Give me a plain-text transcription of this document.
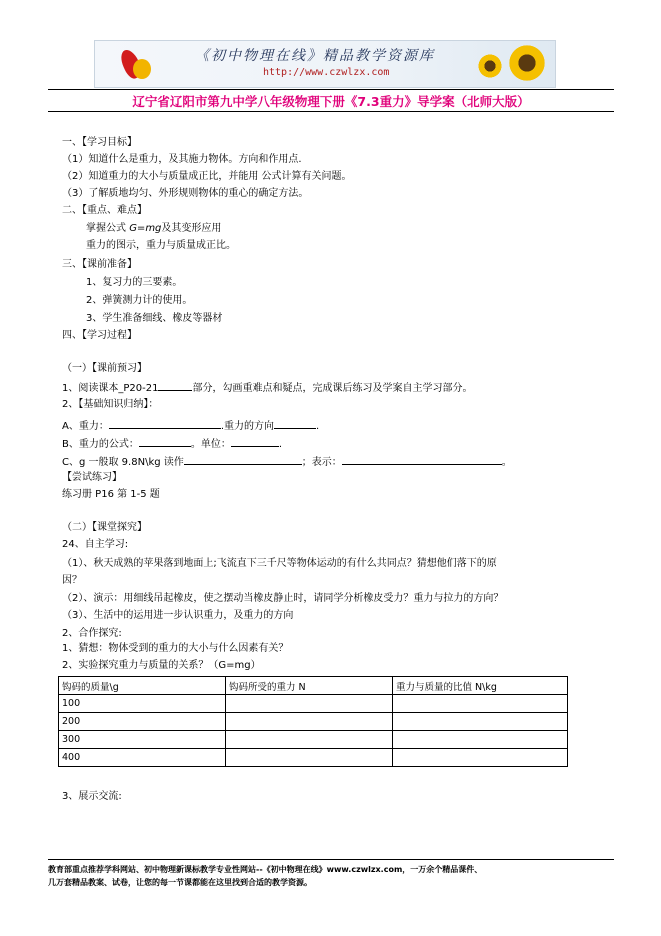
《初中物理在线》精品教学资源库
http://www.czwlzx.com
辽宁省辽阳市第九中学八年级物理下册《7.3重力》导学案（北师大版）
一、【学习目标】
（1）知道什么是重力，及其施力物体。方向和作用点.
（2）知道重力的大小与质量成正比，并能用 公式计算有关问题。
（3）了解质地均匀、外形规则物体的重心的确定方法。
二、【重点、难点】
掌握公式 G=mg及其变形应用
重力的图示，重力与质量成正比。
三、【课前准备】
1、复习力的三要素。
2、弹簧测力计的使用。
3、学生准备细线、橡皮等器材
四、【学习过程】
（一）【课前预习】
1、阅读课本_P20-21	部分，勾画重难点和疑点，完成课后练习及学案自主学习部分。
2、【基础知识归纳】：
A、重力：	.重力的方向	.
B、重力的公式：	。单位：	.
C、g 一般取 9.8N\kg 读作	；表示：	。
【尝试练习】
练习册 P16 第 1-5 题
（二）【课堂探究】
24、自主学习:
（1）、秋天成熟的苹果落到地面上;飞流直下三千尺等物体运动的有什么共同点？猜想他们落下的原
因？
（2）、演示：用细线吊起橡皮，使之摆动当橡皮静止时，请同学分析橡皮受力？重力与拉力的方向？
（3）、生活中的运用进一步认识重力，及重力的方向
2、合作探究:
1、猜想：物体受到的重力的大小与什么因素有关？
2、实验探究重力与质量的关系？（G=mg）
钩码的质量\g	钩码所受的重力 N	重力与质量的比值 N\kg
100		
200		
300		
400		
3、展示交流:
教育部重点推荐学科网站、初中物理新课标教学专业性网站--《初中物理在线》www.czwlzx.com，一万余个精品课件、
几万套精品教案、试卷，让您的每一节课都能在这里找到合适的教学资源。
